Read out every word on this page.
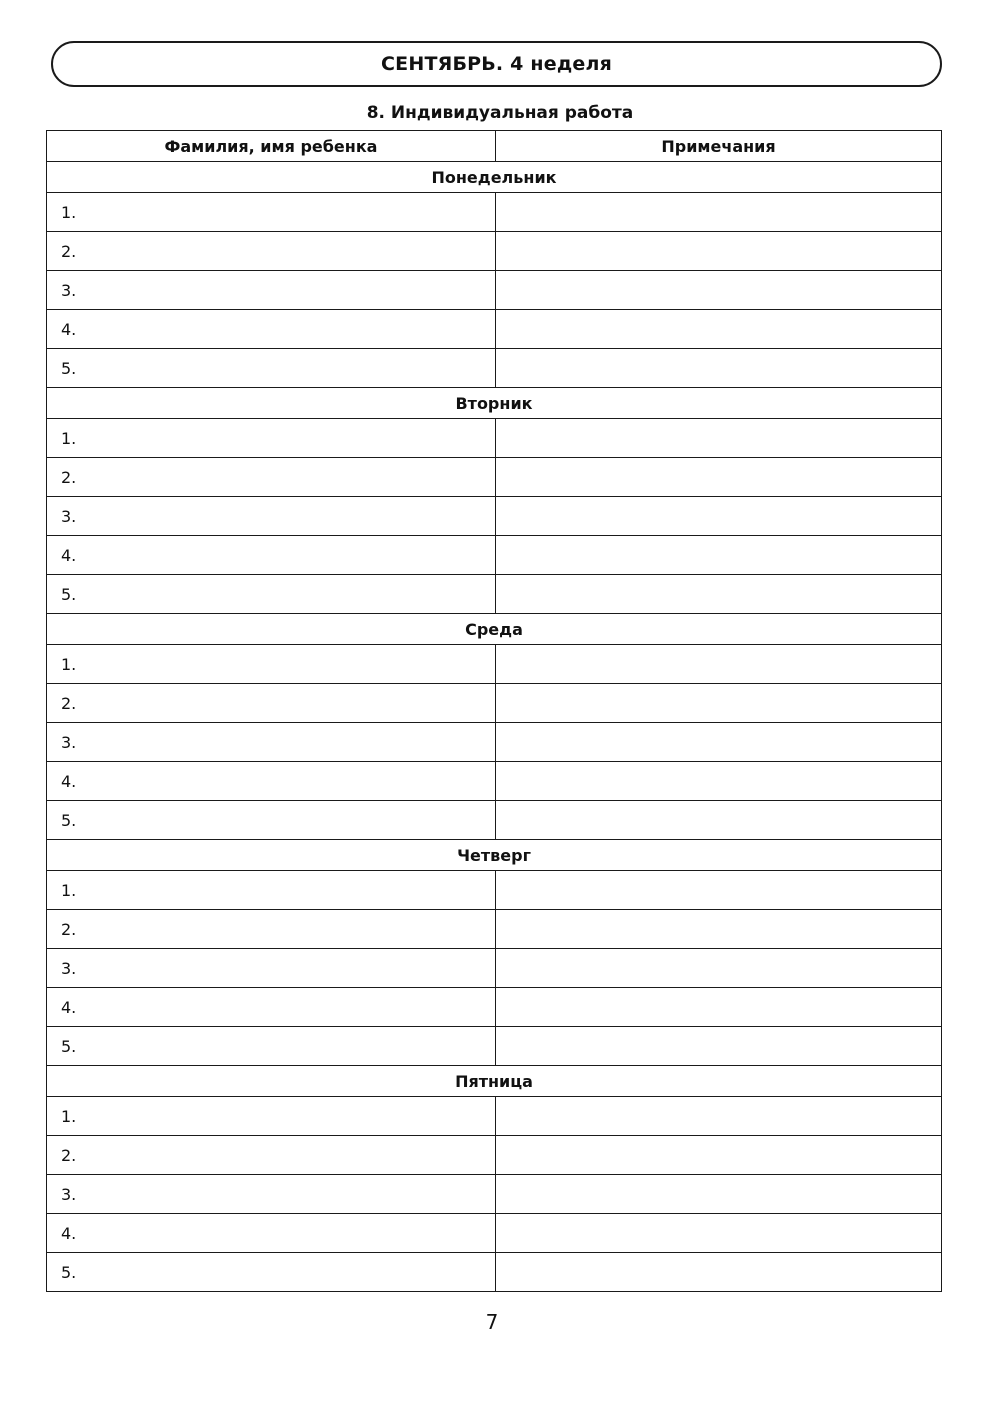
СЕНТЯБРЬ. 4 неделя
8. Индивидуальная работа
Фамилия, имя ребенка	Примечания
Понедельник	
1.	
2.	
3.	
4.	
5.	
Вторник	
1.	
2.	
3.	
4.	
5.	
Среда	
1.	
2.	
3.	
4.	
5.	
Четверг	
1.	
2.	
3.	
4.	
5.	
Пятница	
1.	
2.	
3.	
4.	
5.	
7
